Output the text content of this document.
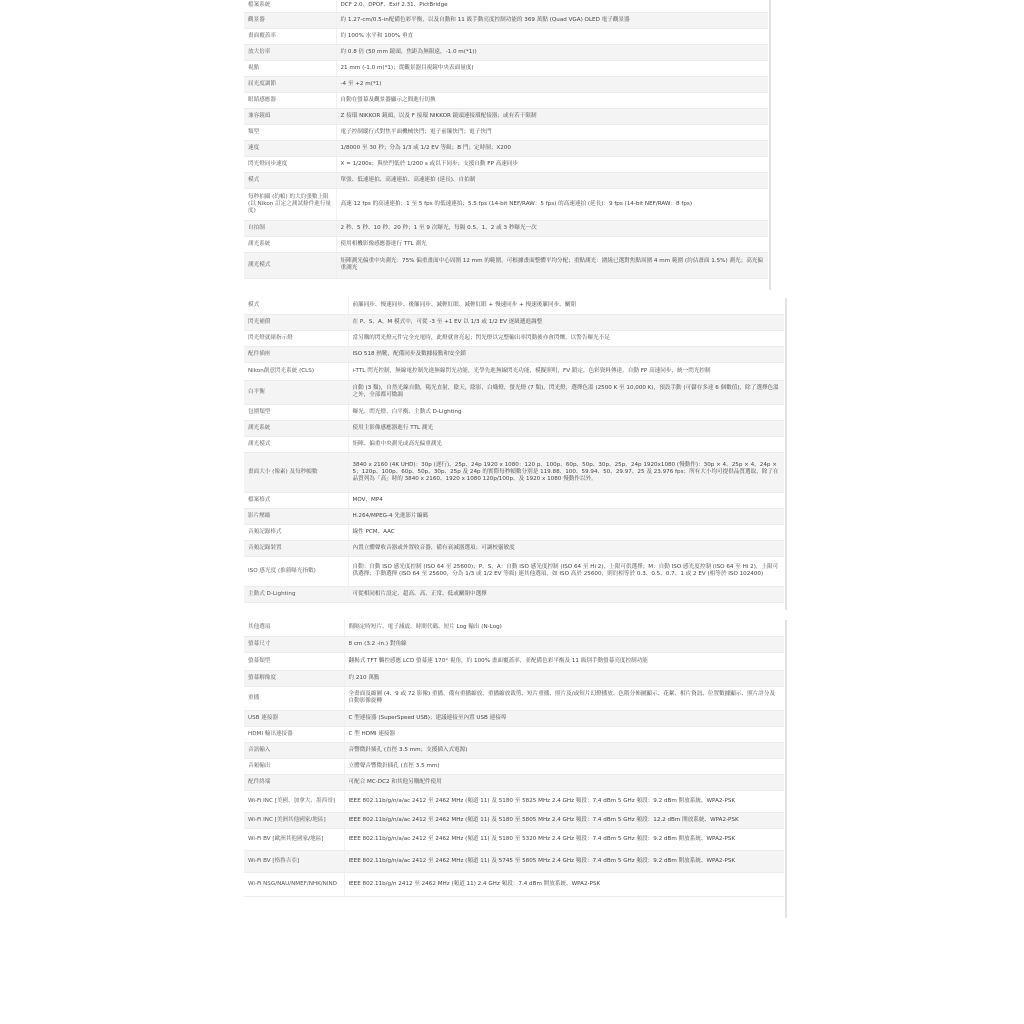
檔案系統	DCF 2.0、DPOF、Exif 2.31、PictBridge
觀景器	約 1.27-cm/0.5-in配備色彩平衡，以及自動和 11 級手動亮度控制功能的 369 萬點 (Quad VGA) OLED 電子觀景器
畫面覆蓋率	約 100% 水平和 100% 垂直
放大倍率	約 0.8 倍 (50 mm 鏡頭，焦距為無限遠，-1.0 m(*1))
視點	21 mm (-1.0 m(*1)；從觀景器目視鏡中央表面量度)
屈光度調節	-4 至 +2 m(*1)
眼睛感應器	自動在螢幕及觀景器顯示之間進行切換
兼容鏡頭	Z 接環 NIKKOR 鏡頭，以及 F 接環 NIKKOR 鏡頭連接環配接器；或有若干限制
類型	電子控制縱行式對焦平面機械快門；電子前簾快門；電子快門
速度	1/8000 至 30 秒；分為 1/3 或 1/2 EV 等級；B 門；定時制；X200
閃光燈同步速度	X = 1/200s；與快門低於 1/200 s 或以下同步；支援自動 FP 高速同步
模式	單張、低速連拍、高速連拍、高速連拍 (延長)、自拍制
每秒拍攝 (約幀) 的大約張數上限 (以 Nikon 訂定之測試條件進行量度)	高速 12 fps 的高速連拍；1 至 5 fps 的低速連拍；5.5 fps (14-bit NEF/RAW：5 fps) 的高速連拍 (延長)：9 fps (14-bit NEF/RAW：8 fps)
自拍制	2 秒、5 秒、10 秒、20 秒；1 至 9 次曝光，每隔 0.5、1、2 或 3 秒曝光一次
測光系統	使用相機影像感應器進行 TTL 測光
測光模式	矩陣測光偏重中央測光：75% 偏重畫面中心周圍 12 mm 的範圍，可根據畫面整體平均分配；重點測光：圍繞已選對焦點周圍 4 mm 範圍 (約佔畫面 1.5%) 測光；高光偏重測光
模式	前簾同步、慢速同步、後簾同步、減輕紅眼、減輕紅眼 + 慢速同步 + 慢速後簾同步、關閉
閃光補償	在 P、S、A、M 模式中，可從 -3 至 +1 EV 以 1/3 或 1/2 EV 逐級遞進調整
閃光燈就緒指示燈	當另購的閃光燈元件完全充電時，此燈就會亮起；閃光燈以完整輸出率閃動後亦會閃爍，以警告曝光不足
配件插座	ISO 518 熱靴，配備同步及數據接點和安全鎖
Nikon創意閃光系統 (CLS)	i-TTL 閃光控制，無線電控制先進無線閃光功能，光學先進無線閃光功能，模擬照明，FV 鎖定，色彩資料傳達，自動 FP 高速同步，統一閃光控制
白平衡	自動 (3 類)，自然光線自動，陽光直射，陰天，陰影，白熾燈，螢光燈 (7 類)，閃光燈，選擇色溫 (2500 K 至 10,000 K)，預設手動 (可儲存多達 6 個數值)，除了選擇色溫之外，全部都可微調
包圍類型	曝光、閃光燈、白平衡、主動式 D-Lighting
測光系統	使用主影像感應器進行 TTL 測光
測光模式	矩陣、偏重中央測光或高光偏重測光
畫面大小 (像素) 及每秒幀數	3840 x 2160 (4K UHD)：30p (逐行)、25p、24p 1920 x 1080：120 p、100p、60p、50p、30p、25p、24p 1920x1080 (慢動作)：30p × 4、25p × 4、24p × 5；120p、100p、60p、50p、30p、25p 及 24p 的實際每秒幀數分別是 119.88、100、59.94、50、29.97、25 及 23.976 fps；所有大小均可提供品質選取，除了在品質列為「高」時的 3840 x 2160、1920 x 1080 120p/100p、及 1920 x 1080 慢動作以外。
檔案格式	MOV、MP4
影片壓縮	H.264/MPEG-4 先進影片編碼
音頻記錄格式	線性 PCM、AAC
音頻記錄裝置	內置立體聲收音器或外置收音器，備有衰減器選項；可調校靈敏度
ISO 感光度 (推薦曝光指數)	自動：自動 ISO 感光度控制 (ISO 64 至 25600)；P、S、A：自動 ISO 感光度控制 (ISO 64 至 Hi 2)，上限可供選擇；M：自動 ISO 感光度控制 (ISO 64 至 Hi 2)，上限可供選擇；手動選擇 (ISO 64 至 25600，分為 1/3 或 1/2 EV 等級) 連其他選項，如 ISO 高於 25600，則約相等於 0.3、0.5、0.7、1 或 2 EV (相等於 ISO 102400)
主動式 D-Lighting	可從相同相片設定、超高、高、正常、低或關閉中選擇
其他選項	間隔定時短片、電子減震、時間代碼、短片 Log 輸出 (N-Log)
螢幕尺寸	8 cm (3.2 -in.) 對角線
螢幕類型	翻揭式 TFT 觸控感應 LCD 螢幕連 170° 視角，約 100% 畫面覆蓋率，並配備色彩平衡及 11 級別手動螢幕亮度控制功能
螢幕解像度	約 210 萬點
重播	全畫面及縮圖 (4、9 或 72 影像) 重播，備有重播縮放、重播縮放裁剪、短片重播、照片及/或短片幻燈播放、色階分佈圖顯示、花絮、相片資訊、位置數據顯示、照片評分及自動影像旋轉
USB 連接器	C 型連接器 (SuperSpeed USB)；建議連接至內置 USB 連接埠
HDMI 輸出連接器	C 型 HDMI 連接器
音訊輸入	音響微針插孔 (直徑 3.5 mm；支援插入式電源)
音頻輸出	立體聲音響微針插孔 (直徑 3.5 mm)
配件終端	可配合 MC-DC2 和其他另購配件使用
Wi-Fi INC [美國、加拿大、墨西哥]	IEEE 802.11b/g/n/a/ac 2412 至 2462 MHz (頻道 11) 及 5180 至 5825 MHz 2.4 GHz 頻段：7.4 dBm 5 GHz 頻段：9.2 dBm 開放系統、WPA2-PSK
Wi-Fi INC [美洲其他國家/地區]	IEEE 802.11b/g/n/a/ac 2412 至 2462 MHz (頻道 11) 及 5180 至 5805 MHz 2.4 GHz 頻段：7.4 dBm 5 GHz 頻段：12.2 dBm 開放系統、WPA2-PSK
Wi-Fi BV [歐洲其他國家/地區]	IEEE 802.11b/g/n/a/ac 2412 至 2462 MHz (頻道 11) 及 5180 至 5320 MHz 2.4 GHz 頻段：7.4 dBm 5 GHz 頻段：9.2 dBm 開放系統、WPA2-PSK
Wi-Fi BV [格魯吉亞]	IEEE 802.11b/g/n/a/ac 2412 至 2462 MHz (頻道 11) 及 5745 至 5805 MHz 2.4 GHz 頻段：7.4 dBm 5 GHz 頻段：9.2 dBm 開放系統、WPA2-PSK
Wi-Fi NSG/NAU/NMEF/NHK/NIND	IEEE 802.11b/g/n 2412 至 2462 MHz (頻道 11) 2.4 GHz 頻段：7.4 dBm 開放系統、WPA2-PSK
